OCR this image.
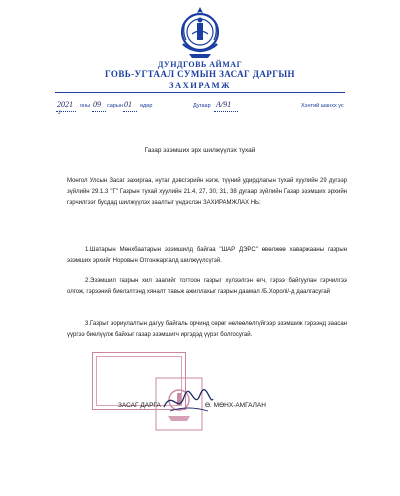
ДУНДГОВЬ АЙМАГ
ГОВЬ-УГТААЛ СУМЫН ЗАСАГ ДАРГЫН
ЗАХИРАМЖ
2021 оны 09 сарын 01 өдөр	Дугаар А/91	Хэнтий шанхх ус
2
Газар эзэмших эрх шилжүүлэх тухай
Монгол Улсын Засаг захиргаа, нутаг дэвсгэрийн нэгж, түүний удирдлагын тухай хуулийн 29 дүгээр зүйлийн 29.1.3 "Г" Газрын тухай хуулийн 21.4, 27, 30, 31, 38 дугаар зүйлийн Газар эзэмших эрхийн гэрчилгээг бусдад шилжүүлэх заалтыг үндэслэн ЗАХИРАМЖЛАХ НЬ:
1.Шатарын Мөнхбаатарын эзэмшилд байгаа "ШАР ДЭРС" өвөлжөө хаваржааны газрын эзэмших эрхийг Норовын Отгонжаргалд шилжүүлсүгэй.
2.Эзэмшил газрын хил заагийг тогтоон газрыг хүлээлгэн өгч, гэрээ байгуулан гэрчилгээ олгож, гэрээний биелэлтэнд хяналт тавьж ажиллахыг газрын даамал /Б.Хоролі/-д даалгасугай
3.Газрыг зориулалтын дагуу байгаль орчинд сөрөг нөлөөлөлгүйгээр эзэмшиж гэрээнд заасан үүргээ биелүүлж байхыг газар эзэмшигч иргэдэд үүрэг болгосугай.
ЗАСАГ ДАРГА	Ө. МӨНХ-АМГАЛАН
